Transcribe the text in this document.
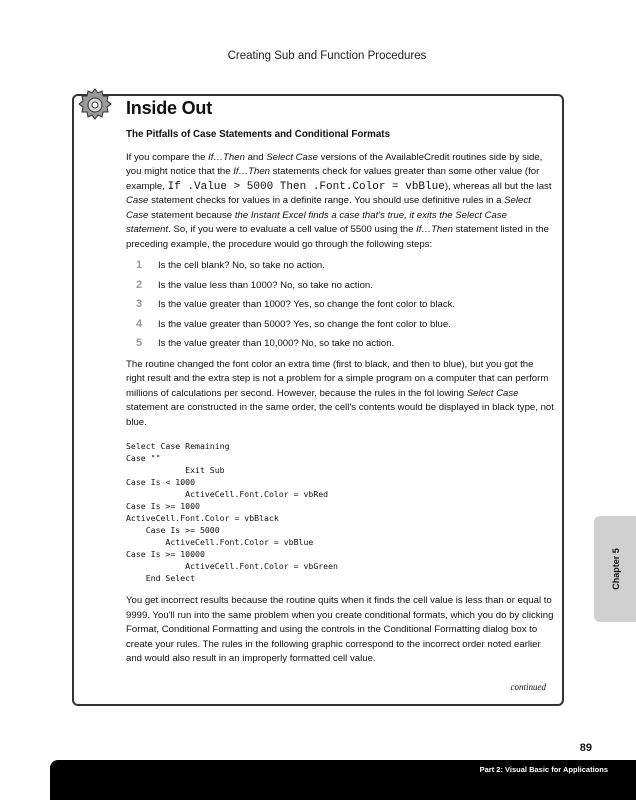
Creating Sub and Function Procedures
Inside Out
The Pitfalls of Case Statements and Conditional Formats

If you compare the If…Then and Select Case versions of the AvailableCredit routines side by side, you might notice that the If…Then statements check for values greater than some other value (for example, If .Value > 5000 Then .Font.Color = vbBlue), whereas all but the last Case statement checks for values in a definite range. You should use definitive rules in a Select Case statement because the Instant Excel finds a case that's true, it exits the Select Case statement. So, if you were to evaluate a cell value of 5500 using the If…Then statement listed in the preceding example, the procedure would go through the following steps:

1	Is the cell blank? No, so take no action.
2	Is the value less than 1000? No, so take no action.
3	Is the value greater than 1000? Yes, so change the font color to black.
4	Is the value greater than 5000? Yes, so change the font color to blue.
5	Is the value greater than 10,000? No, so take no action.

The routine changed the font color an extra time (first to black, and then to blue), but you got the right result and the extra step is not a problem for a simple program on a computer that can perform millions of calculations per second. However, because the rules in the fol lowing Select Case statement are constructed in the same order, the cell's contents would be displayed in black type, not blue.

Select Case Remaining
Case ""
Exit Sub
Case Is < 1000
ActiveCell.Font.Color = vbRed
Case Is >= 1000
ActiveCell.Font.Color = vbBlack
Case Is >= 5000
ActiveCell.Font.Color = vbBlue
Case Is >= 10000
ActiveCell.Font.Color = vbGreen
End Select

You get incorrect results because the routine quits when it finds the cell value is less than or equal to 9999. You'll run into the same problem when you create conditional formats, which you do by clicking Format, Conditional Formatting and using the controls in the Conditional Formatting dialog box to create your rules. The rules in the following graphic correspond to the incorrect order noted earlier and would also result in an improperly formatted cell value.

continued
Chapter 5
89
Part 2: Visual Basic for Applications
